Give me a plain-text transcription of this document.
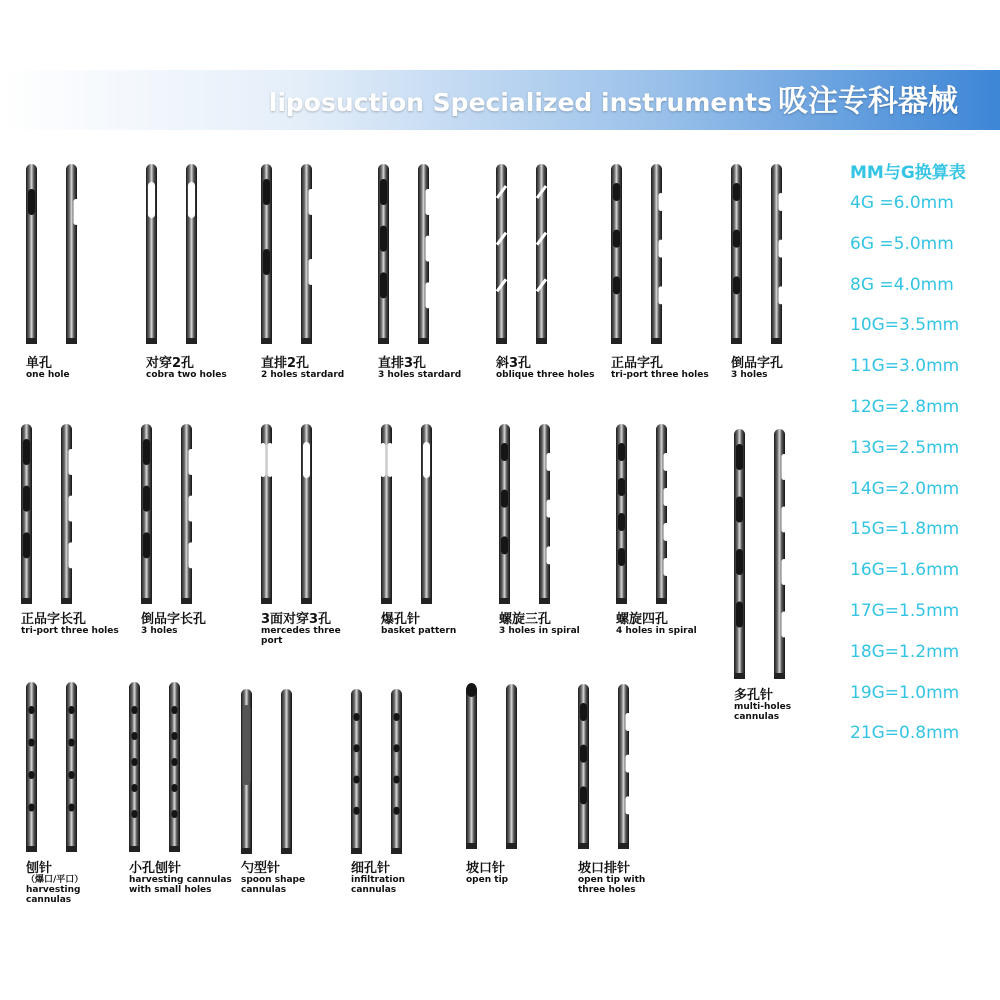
liposuction Specialized instruments 吸注专科器械
MM与G换算表
4G =6.0mm
6G =5.0mm
8G =4.0mm
10G=3.5mm
11G=3.0mm
12G=2.8mm
13G=2.5mm
14G=2.0mm
15G=1.8mm
16G=1.6mm
17G=1.5mm
18G=1.2mm
19G=1.0mm
21G=0.8mm
单孔
one hole
对穿2孔
cobra two holes
直排2孔
2 holes stardard
直排3孔
3 holes stardard
斜3孔
oblique three holes
正品字孔
tri-port three holes
倒品字孔
3 holes
正品字长孔
tri-port three holes
倒品字长孔
3 holes
3面对穿3孔
mercedes three port
爆孔针
basket pattern
螺旋三孔
3 holes in spiral
螺旋四孔
4 holes in spiral
多孔针
multi-holes cannulas
刨针
（爆口/平口）
harvesting
cannulas
小孔刨针
harvesting cannulas
with small holes
勺型针
spoon shape
cannulas
细孔针
infiltration
cannulas
坡口针
open tip
坡口排针
open tip with
three holes
